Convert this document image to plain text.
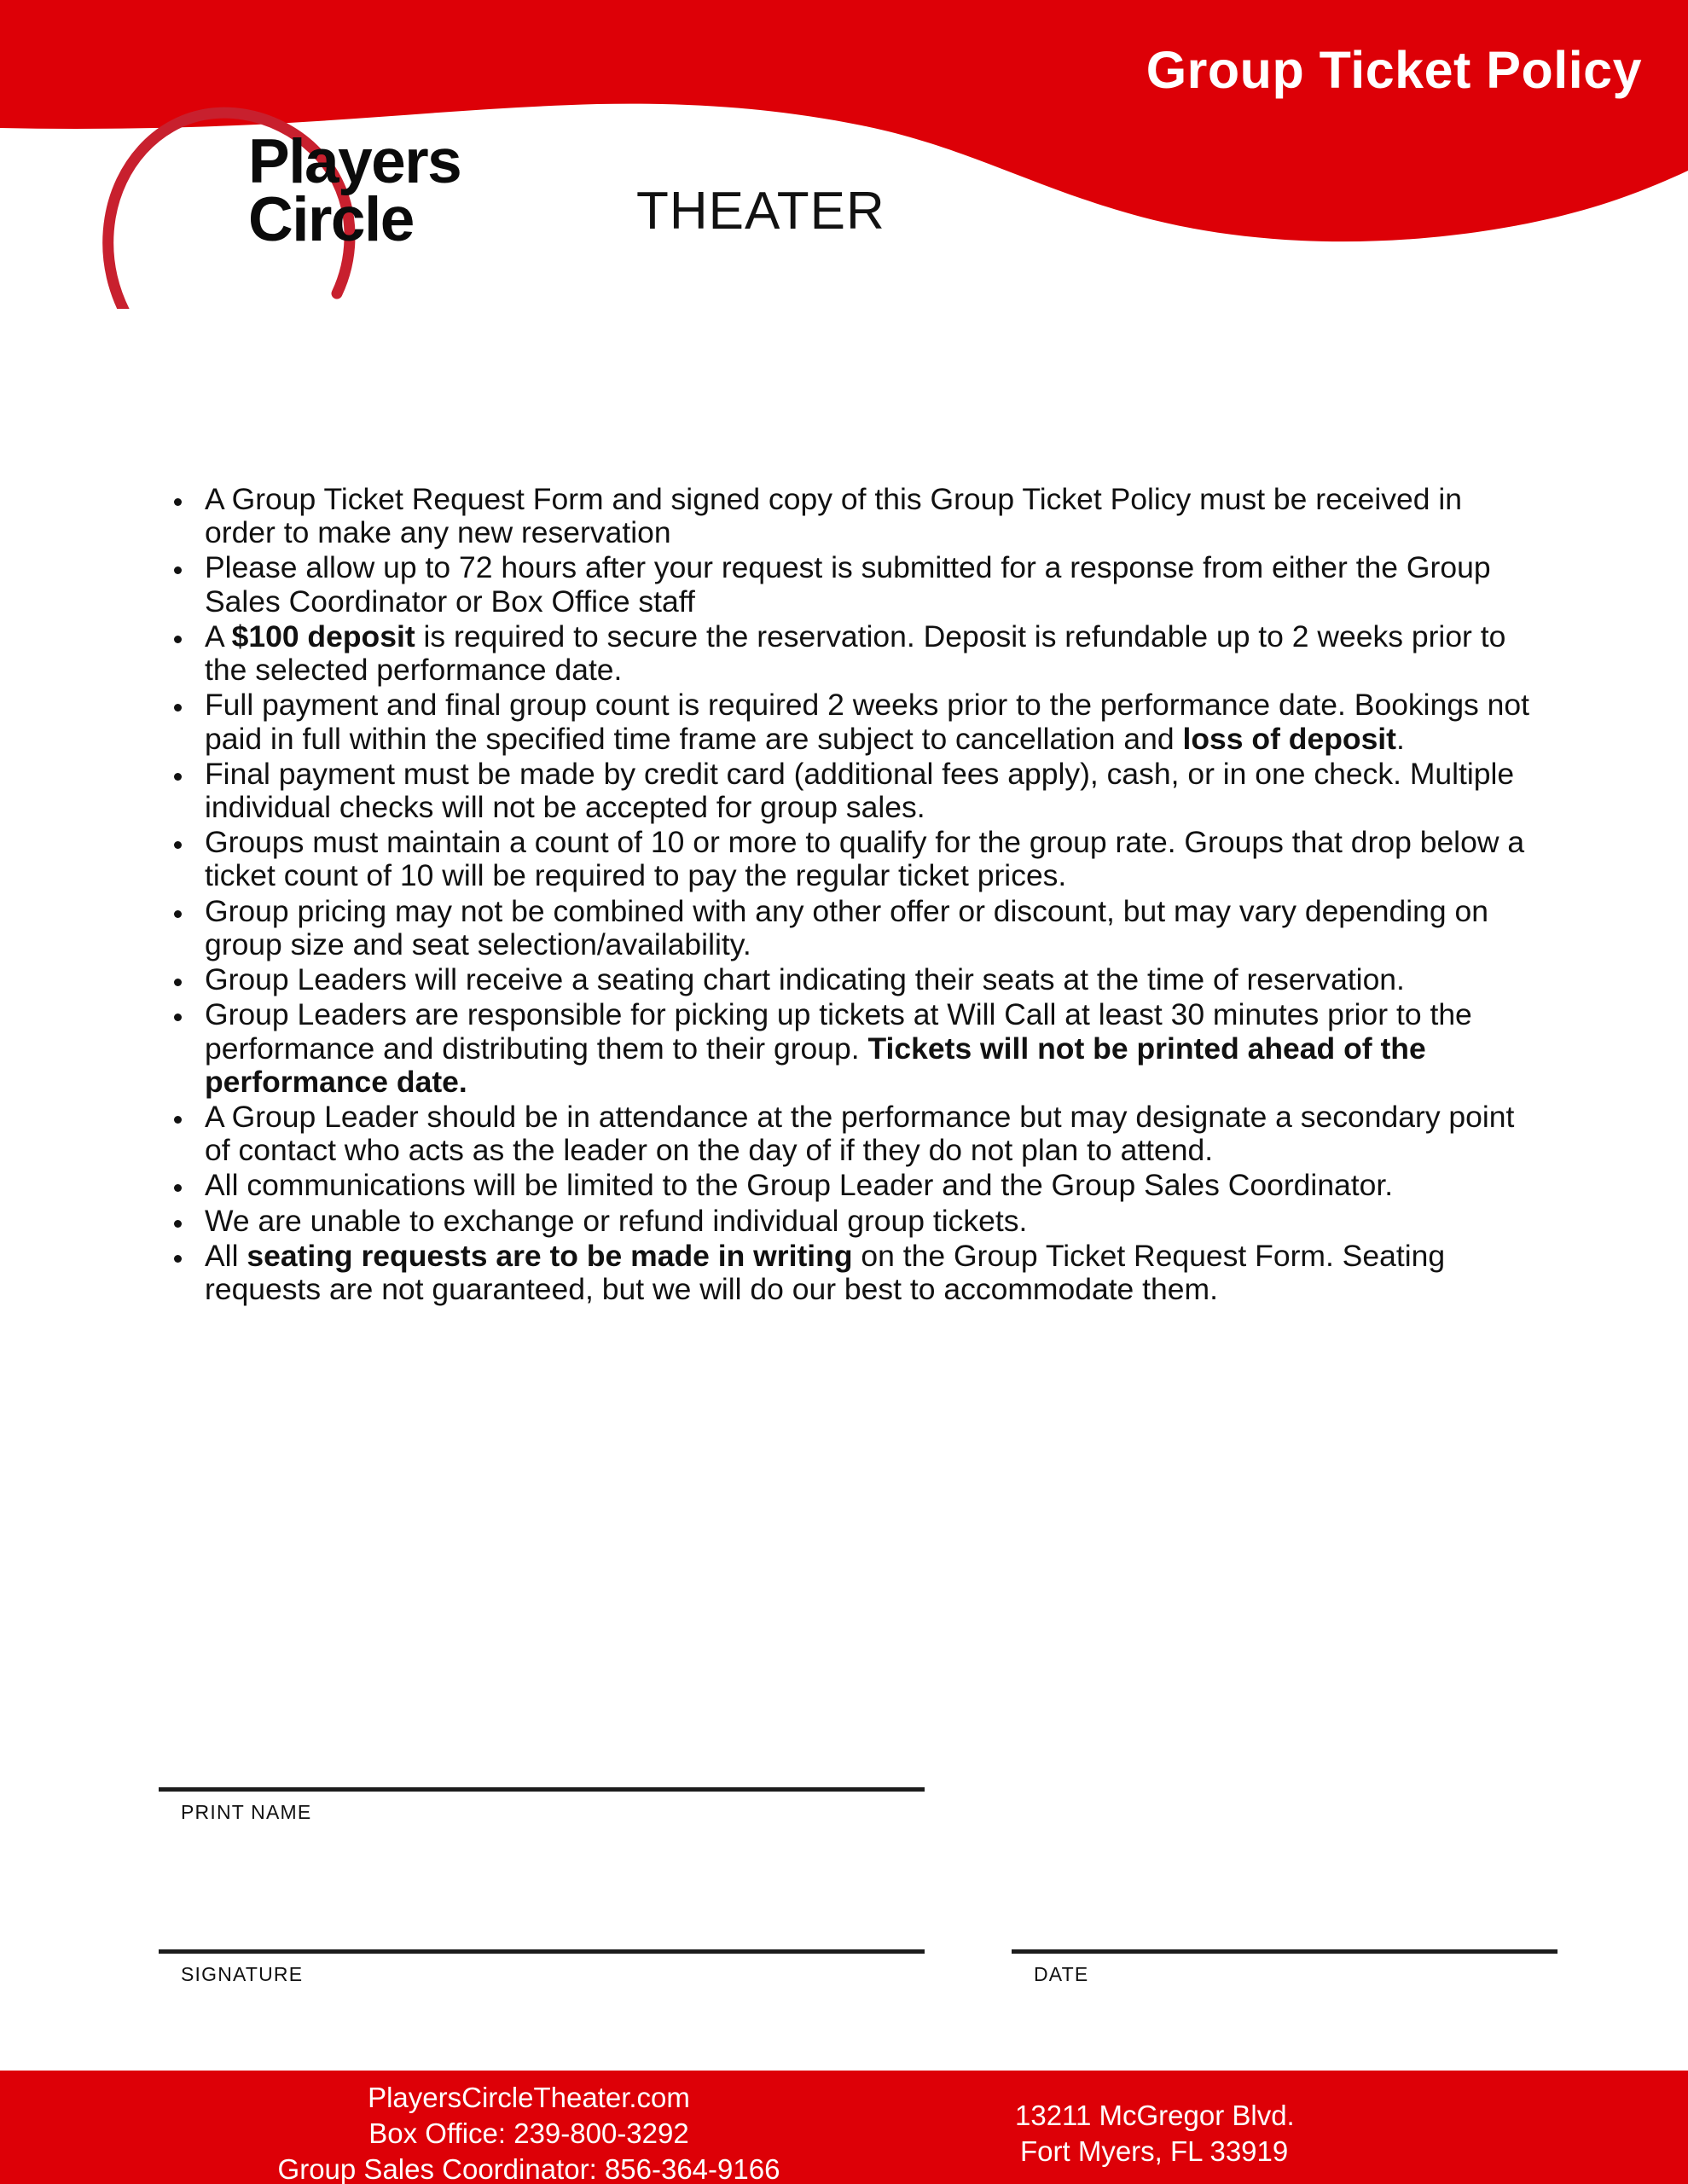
Group Ticket Policy
Players
Circle	THEATER
A Group Ticket Request Form and signed copy of this Group Ticket Policy must be received in order to make any new reservation
Please allow up to 72 hours after your request is submitted for a response from either the Group Sales Coordinator or Box Office staff
A $100 deposit is required to secure the reservation. Deposit is refundable up to 2 weeks prior to the selected performance date.
Full payment and final group count is required 2 weeks prior to the performance date. Bookings not paid in full within the specified time frame are subject to cancellation and loss of deposit.
Final payment must be made by credit card (additional fees apply), cash, or in one check. Multiple individual checks will not be accepted for group sales.
Groups must maintain a count of 10 or more to qualify for the group rate. Groups that drop below a ticket count of 10 will be required to pay the regular ticket prices.
Group pricing may not be combined with any other offer or discount, but may vary depending on group size and seat selection/availability.
Group Leaders will receive a seating chart indicating their seats at the time of reservation.
Group Leaders are responsible for picking up tickets at Will Call at least 30 minutes prior to the performance and distributing them to their group. Tickets will not be printed ahead of the performance date.
A Group Leader should be in attendance at the performance but may designate a secondary point of contact who acts as the leader on the day of if they do not plan to attend.
All communications will be limited to the Group Leader and the Group Sales Coordinator.
We are unable to exchange or refund individual group tickets.
All seating requests are to be made in writing on the Group Ticket Request Form. Seating requests are not guaranteed, but we will do our best to accommodate them.
PRINT NAME
SIGNATURE	DATE
PlayersCircleTheater.com
Box Office: 239-800-3292
Group Sales Coordinator: 856-364-9166
13211 McGregor Blvd.
Fort Myers, FL 33919
